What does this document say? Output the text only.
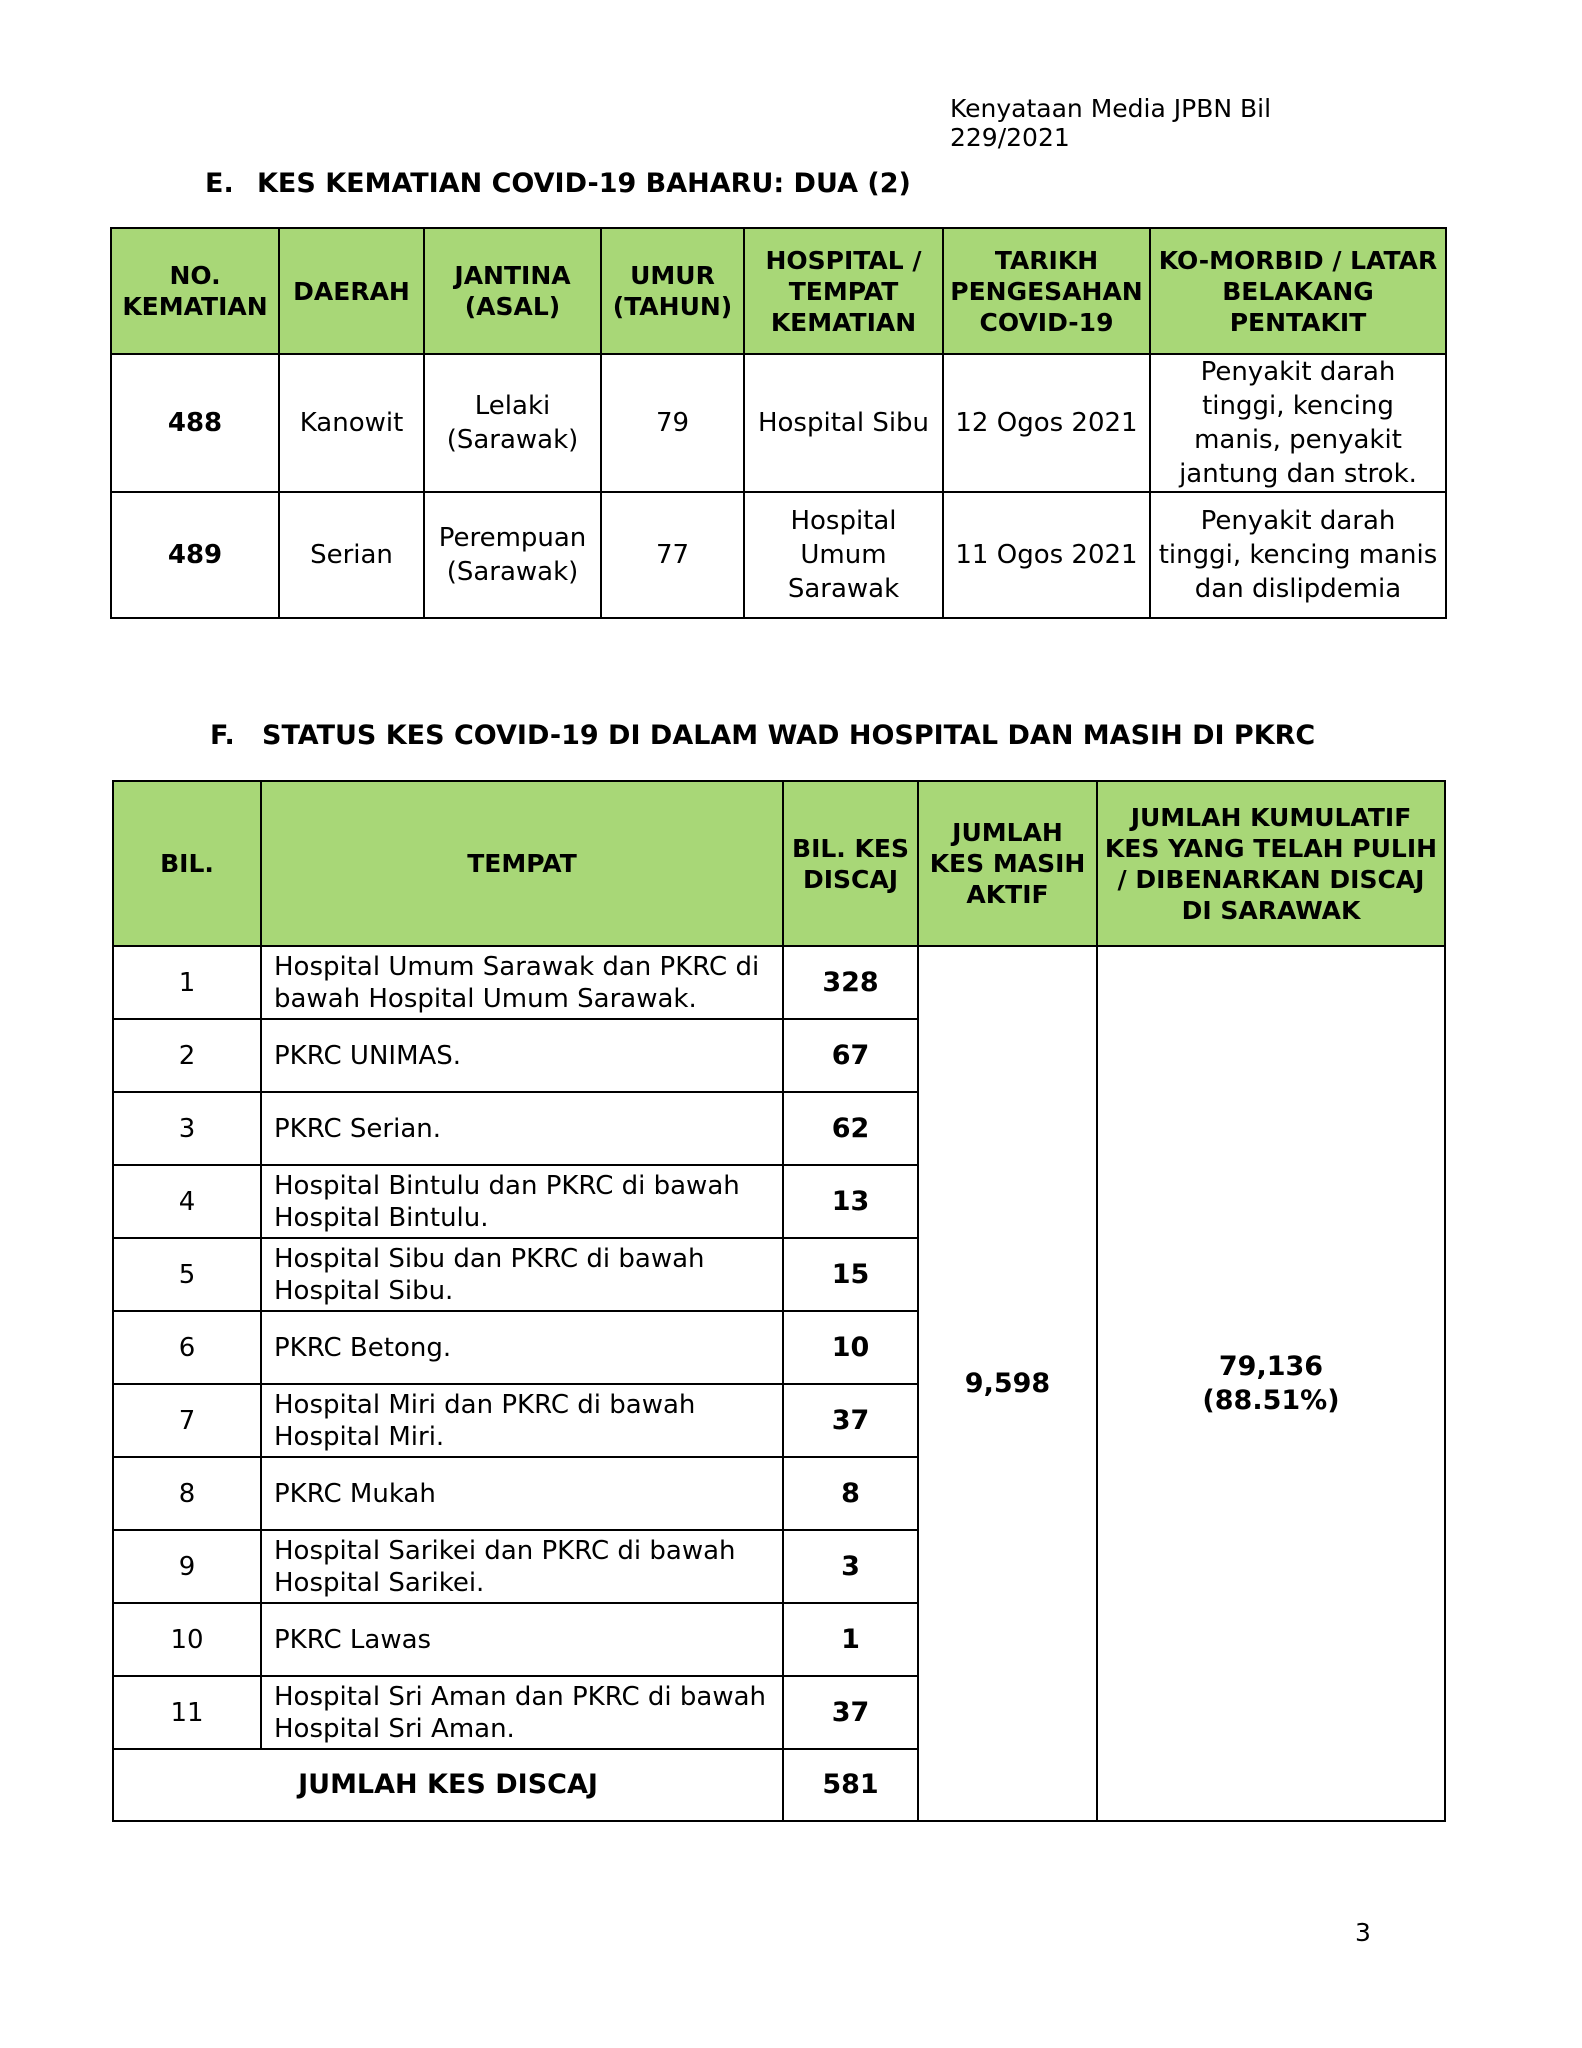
Kenyataan Media JPBN Bil 229/2021
E. KES KEMATIAN COVID-19 BAHARU: DUA (2)
NO. KEMATIAN	DAERAH	JANTINA (ASAL)	UMUR (TAHUN)	HOSPITAL / TEMPAT KEMATIAN	TARIKH PENGESAHAN COVID-19	KO-MORBID / LATAR BELAKANG PENTAKIT
488	Kanowit	Lelaki (Sarawak)	79	Hospital Sibu	12 Ogos 2021	Penyakit darah tinggi, kencing manis, penyakit jantung dan strok.
489	Serian	Perempuan (Sarawak)	77	Hospital Umum Sarawak	11 Ogos 2021	Penyakit darah tinggi, kencing manis dan dislipdemia
F. STATUS KES COVID-19 DI DALAM WAD HOSPITAL DAN MASIH DI PKRC
BIL.	TEMPAT	BIL. KES DISCAJ	JUMLAH KES MASIH AKTIF	JUMLAH KUMULATIF KES YANG TELAH PULIH / DIBENARKAN DISCAJ DI SARAWAK
1	Hospital Umum Sarawak dan PKRC di bawah Hospital Umum Sarawak.	328	9,598	79,136
(88.51%)

2	PKRC UNIMAS.	67		
3	PKRC Serian.	62		
4	Hospital Bintulu dan PKRC di bawah Hospital Bintulu.	13		
5	Hospital Sibu dan PKRC di bawah Hospital Sibu.	15		
6	PKRC Betong.	10		
7	Hospital Miri dan PKRC di bawah Hospital Miri.	37		
8	PKRC Mukah	8		
9	Hospital Sarikei dan PKRC di bawah Hospital Sarikei.	3		
10	PKRC Lawas	1		
11	Hospital Sri Aman dan PKRC di bawah Hospital Sri Aman.	37		
JUMLAH KES DISCAJ		581		
3
